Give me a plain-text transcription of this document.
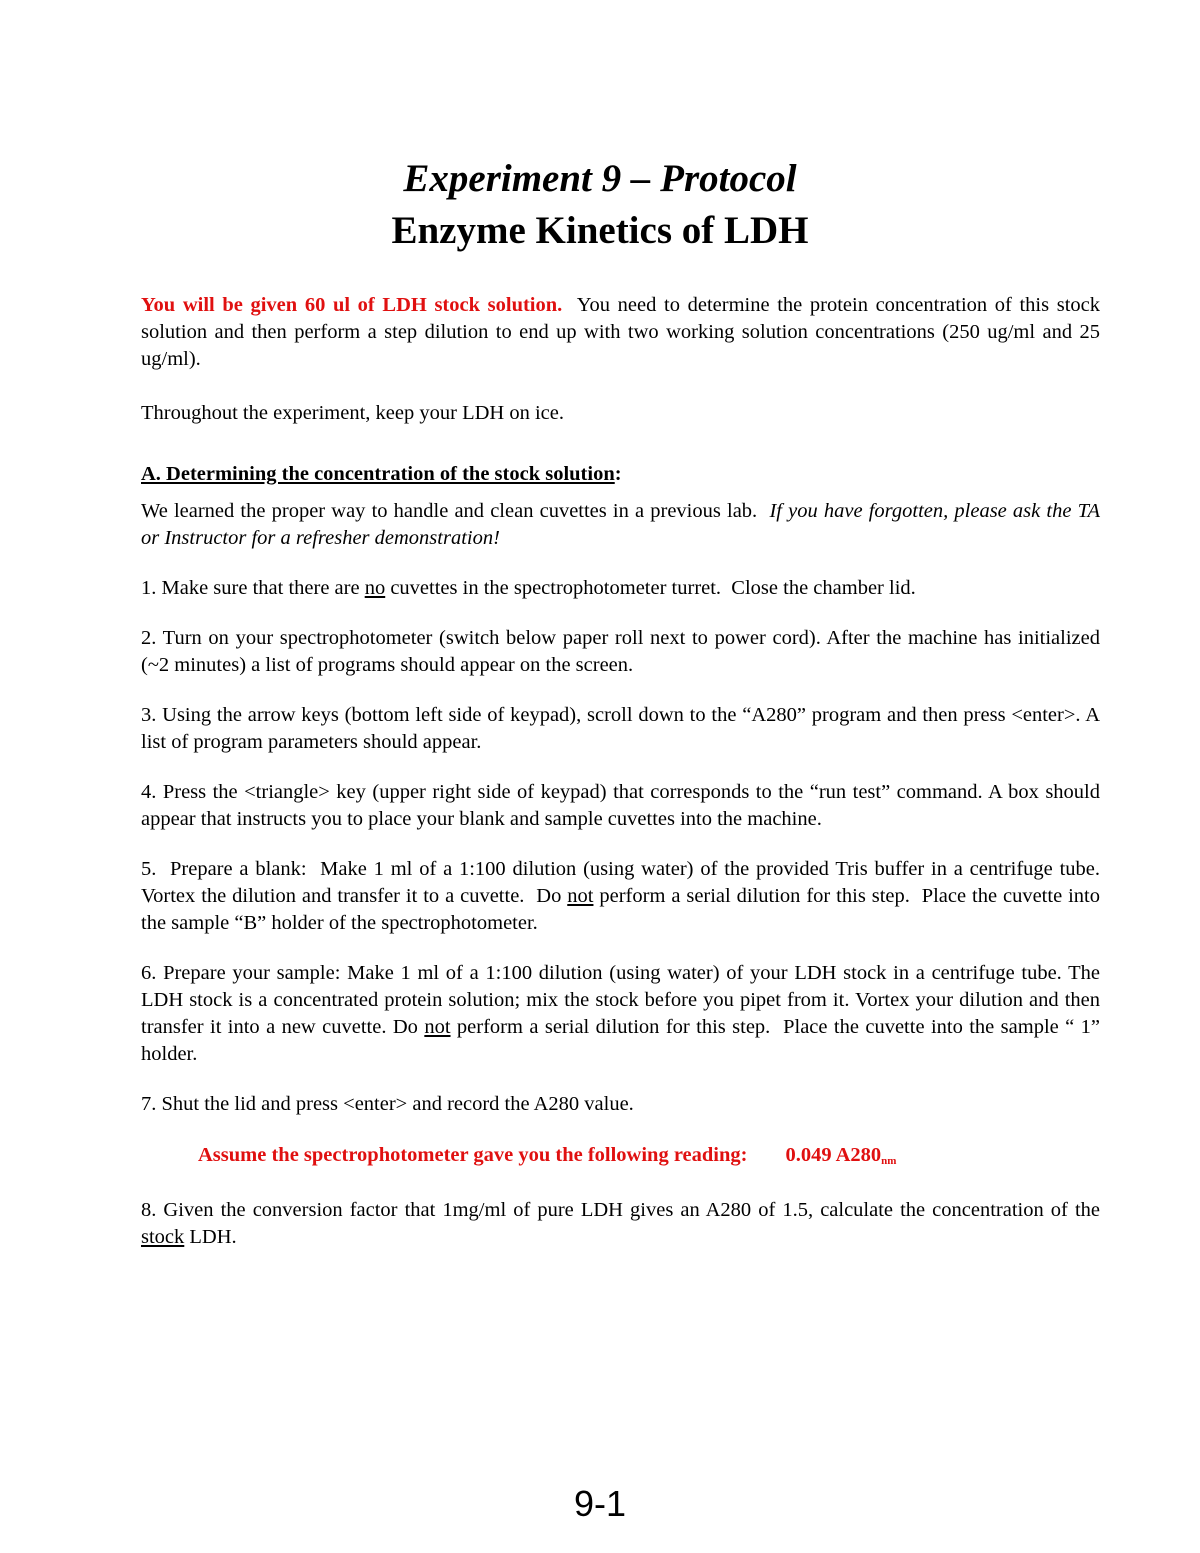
Experiment 9 – Protocol
Enzyme Kinetics of LDH

You will be given 60 ul of LDH stock solution.  You need to determine the protein concentration of this stock solution and then perform a step dilution to end up with two working solution concentrations (250 ug/ml and 25 ug/ml).

Throughout the experiment, keep your LDH on ice.

A. Determining the concentration of the stock solution:

We learned the proper way to handle and clean cuvettes in a previous lab.  If you have forgotten, please ask the TA or Instructor for a refresher demonstration!

1. Make sure that there are no cuvettes in the spectrophotometer turret.  Close the chamber lid.

2. Turn on your spectrophotometer (switch below paper roll next to power cord). After the machine has initialized (~2 minutes) a list of programs should appear on the screen.

3. Using the arrow keys (bottom left side of keypad), scroll down to the “A280” program and then press <enter>. A list of program parameters should appear.

4. Press the <triangle> key (upper right side of keypad) that corresponds to the “run test” command. A box should appear that instructs you to place your blank and sample cuvettes into the machine.

5.  Prepare a blank:  Make 1 ml of a 1:100 dilution (using water) of the provided Tris buffer in a centrifuge tube. Vortex the dilution and transfer it to a cuvette.  Do not perform a serial dilution for this step.  Place the cuvette into the sample “B” holder of the spectrophotometer.

6. Prepare your sample: Make 1 ml of a 1:100 dilution (using water) of your LDH stock in a centrifuge tube. The LDH stock is a concentrated protein solution; mix the stock before you pipet from it. Vortex your dilution and then transfer it into a new cuvette. Do not perform a serial dilution for this step.  Place the cuvette into the sample “ 1” holder.

7. Shut the lid and press <enter> and record the A280 value.

Assume the spectrophotometer gave you the following reading: 0.049 $A280_{nm}$

8. Given the conversion factor that 1mg/ml of pure LDH gives an A280 of 1.5, calculate the concentration of the stock LDH.

9-1
